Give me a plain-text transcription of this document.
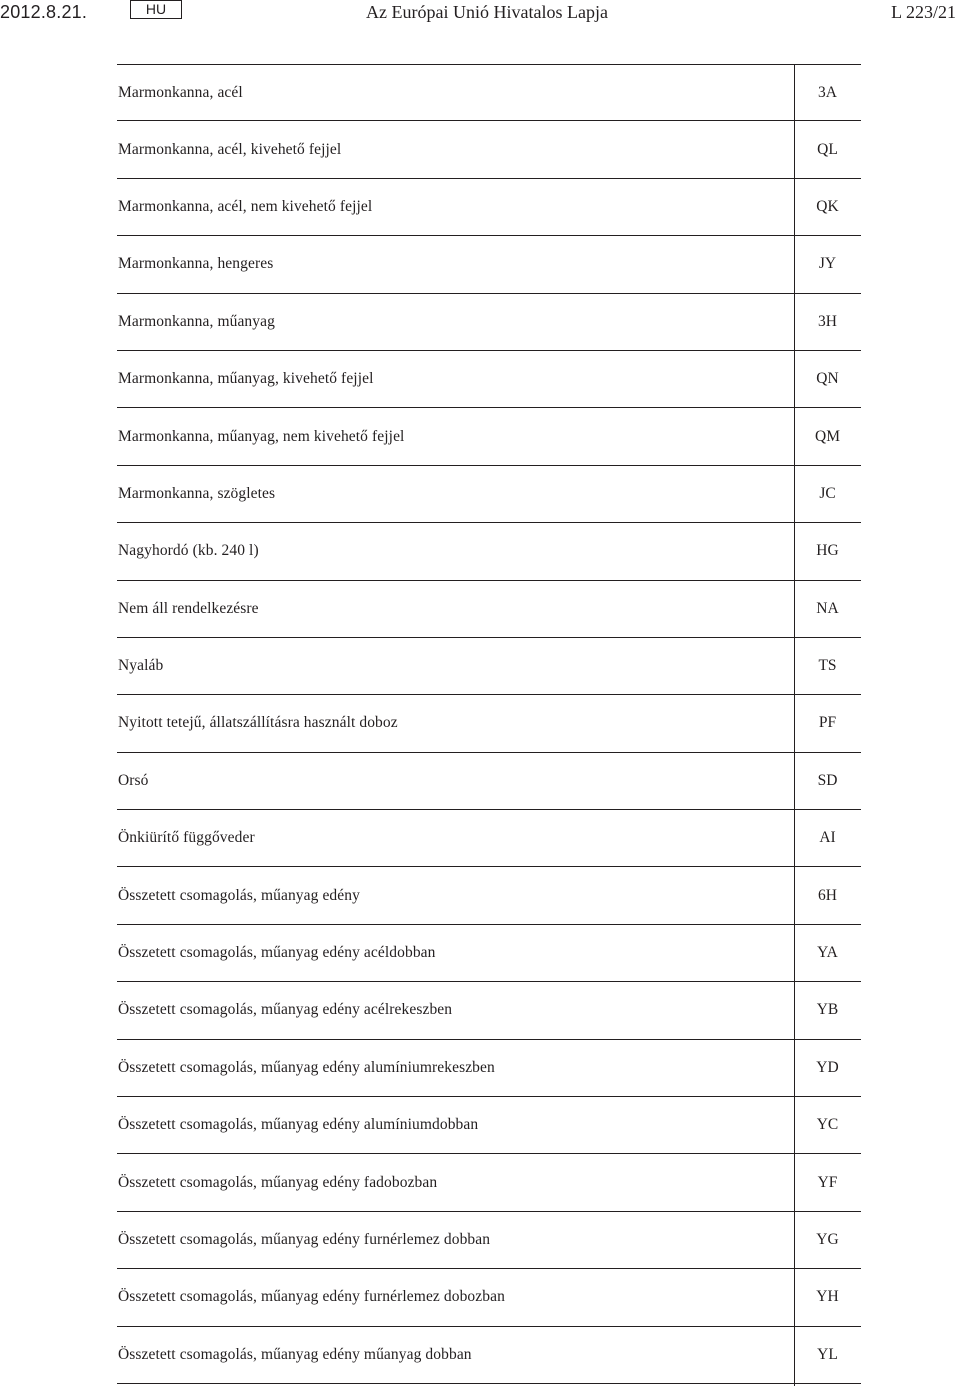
2012.8.21.	HU	Az Európai Unió Hivatalos Lapja	L 223/21
Marmonkanna, acél	3A
Marmonkanna, acél, kivehető fejjel	QL
Marmonkanna, acél, nem kivehető fejjel	QK
Marmonkanna, hengeres	JY
Marmonkanna, műanyag	3H
Marmonkanna, műanyag, kivehető fejjel	QN
Marmonkanna, műanyag, nem kivehető fejjel	QM
Marmonkanna, szögletes	JC
Nagyhordó (kb. 240 l)	HG
Nem áll rendelkezésre	NA
Nyaláb	TS
Nyitott tetejű, állatszállításra használt doboz	PF
Orsó	SD
Önkiürítő függőveder	AI
Összetett csomagolás, műanyag edény	6H
Összetett csomagolás, műanyag edény acéldobban	YA
Összetett csomagolás, műanyag edény acélrekeszben	YB
Összetett csomagolás, műanyag edény alumíniumrekeszben	YD
Összetett csomagolás, műanyag edény alumíniumdobban	YC
Összetett csomagolás, műanyag edény fadobozban	YF
Összetett csomagolás, műanyag edény furnérlemez dobban	YG
Összetett csomagolás, műanyag edény furnérlemez dobozban	YH
Összetett csomagolás, műanyag edény műanyag dobban	YL
